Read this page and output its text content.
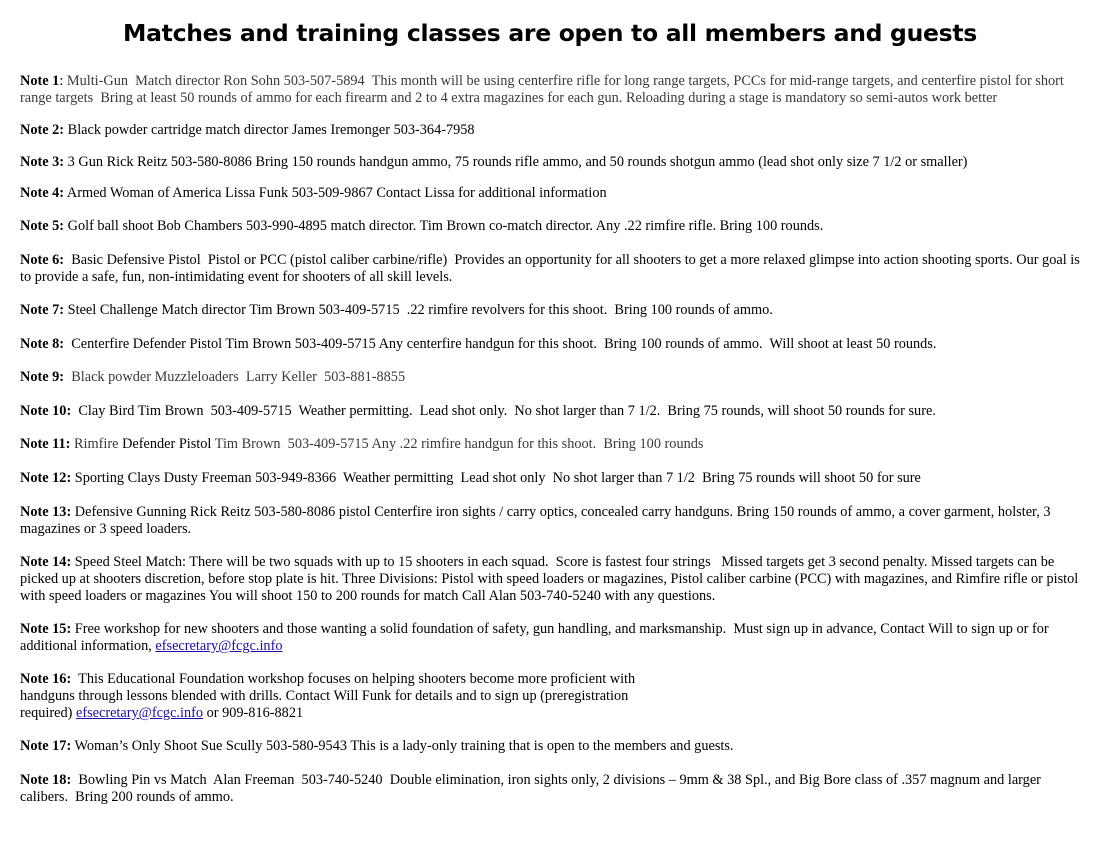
Matches and training classes are open to all members and guests

Note 1: Multi-Gun  Match director Ron Sohn 503-507-5894  This month will be using centerfire rifle for long range targets, PCCs for mid-range targets, and centerfire pistol for short range targets  Bring at least 50 rounds of ammo for each firearm and 2 to 4 extra magazines for each gun. Reloading during a stage is mandatory so semi-autos work better

Note 2: Black powder cartridge match director James Iremonger 503-364-7958

Note 3: 3 Gun Rick Reitz 503-580-8086 Bring 150 rounds handgun ammo, 75 rounds rifle ammo, and 50 rounds shotgun ammo (lead shot only size 7 1/2 or smaller)

Note 4: Armed Woman of America Lissa Funk 503-509-9867 Contact Lissa for additional information

Note 5: Golf ball shoot Bob Chambers 503-990-4895 match director. Tim Brown co-match director. Any .22 rimfire rifle. Bring 100 rounds.

Note 6:  Basic Defensive Pistol  Pistol or PCC (pistol caliber carbine/rifle)  Provides an opportunity for all shooters to get a more relaxed glimpse into action shooting sports. Our goal is to provide a safe, fun, non-intimidating event for shooters of all skill levels.

Note 7: Steel Challenge Match director Tim Brown 503-409-5715  .22 rimfire revolvers for this shoot.  Bring 100 rounds of ammo.

Note 8:  Centerfire Defender Pistol Tim Brown 503-409-5715 Any centerfire handgun for this shoot.  Bring 100 rounds of ammo.  Will shoot at least 50 rounds.

Note 9:  Black powder Muzzleloaders  Larry Keller  503-881-8855

Note 10:  Clay Bird Tim Brown  503-409-5715  Weather permitting.  Lead shot only.  No shot larger than 7 1/2.  Bring 75 rounds, will shoot 50 rounds for sure.

Note 11: Rimfire Defender Pistol Tim Brown  503-409-5715 Any .22 rimfire handgun for this shoot.  Bring 100 rounds

Note 12: Sporting Clays Dusty Freeman 503-949-8366  Weather permitting  Lead shot only  No shot larger than 7 1/2  Bring 75 rounds will shoot 50 for sure

Note 13: Defensive Gunning Rick Reitz 503-580-8086 pistol Centerfire iron sights / carry optics, concealed carry handguns. Bring 150 rounds of ammo, a cover garment, holster, 3 magazines or 3 speed loaders.

Note 14: Speed Steel Match: There will be two squads with up to 15 shooters in each squad.  Score is fastest four strings   Missed targets get 3 second penalty. Missed targets can be picked up at shooters discretion, before stop plate is hit. Three Divisions: Pistol with speed loaders or magazines, Pistol caliber carbine (PCC) with magazines, and Rimfire rifle or pistol with speed loaders or magazines You will shoot 150 to 200 rounds for match Call Alan 503-740-5240 with any questions.

Note 15: Free workshop for new shooters and those wanting a solid foundation of safety, gun handling, and marksmanship.  Must sign up in advance, Contact Will to sign up or for additional information, efsecretary@fcgc.info

Note 16:  This Educational Foundation workshop focuses on helping shooters become more proficient with handguns through lessons blended with drills. Contact Will Funk for details and to sign up (preregistration required) efsecretary@fcgc.info or 909-816-8821

Note 17: Woman’s Only Shoot Sue Scully 503-580-9543 This is a lady-only training that is open to the members and guests.

Note 18:  Bowling Pin vs Match  Alan Freeman  503-740-5240  Double elimination, iron sights only, 2 divisions – 9mm & 38 Spl., and Big Bore class of .357 magnum and larger calibers.  Bring 200 rounds of ammo.
